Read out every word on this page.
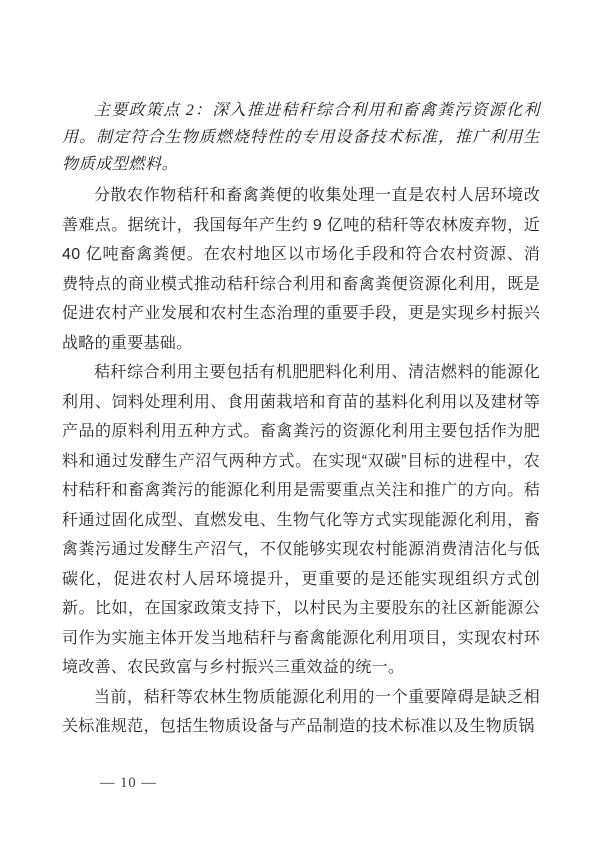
主要政策点 2：深入推进秸秆综合利用和畜禽粪污资源化利用。制定符合生物质燃烧特性的专用设备技术标准，推广利用生物质成型燃料。

分散农作物秸秆和畜禽粪便的收集处理一直是农村人居环境改善难点。据统计，我国每年产生约 9 亿吨的秸秆等农林废弃物，近 40 亿吨畜禽粪便。在农村地区以市场化手段和符合农村资源、消费特点的商业模式推动秸秆综合利用和畜禽粪便资源化利用，既是促进农村产业发展和农村生态治理的重要手段，更是实现乡村振兴战略的重要基础。

秸秆综合利用主要包括有机肥肥料化利用、清洁燃料的能源化利用、饲料处理利用、食用菌栽培和育苗的基料化利用以及建材等产品的原料利用五种方式。畜禽粪污的资源化利用主要包括作为肥料和通过发酵生产沼气两种方式。在实现“双碳”目标的进程中，农村秸秆和畜禽粪污的能源化利用是需要重点关注和推广的方向。秸秆通过固化成型、直燃发电、生物气化等方式实现能源化利用，畜禽粪污通过发酵生产沼气，不仅能够实现农村能源消费清洁化与低碳化，促进农村人居环境提升，更重要的是还能实现组织方式创新。比如，在国家政策支持下，以村民为主要股东的社区新能源公司作为实施主体开发当地秸秆与畜禽能源化利用项目，实现农村环境改善、农民致富与乡村振兴三重效益的统一。

当前，秸秆等农林生物质能源化利用的一个重要障碍是缺乏相关标准规范，包括生物质设备与产品制造的技术标准以及生物质锅

— 10 —
